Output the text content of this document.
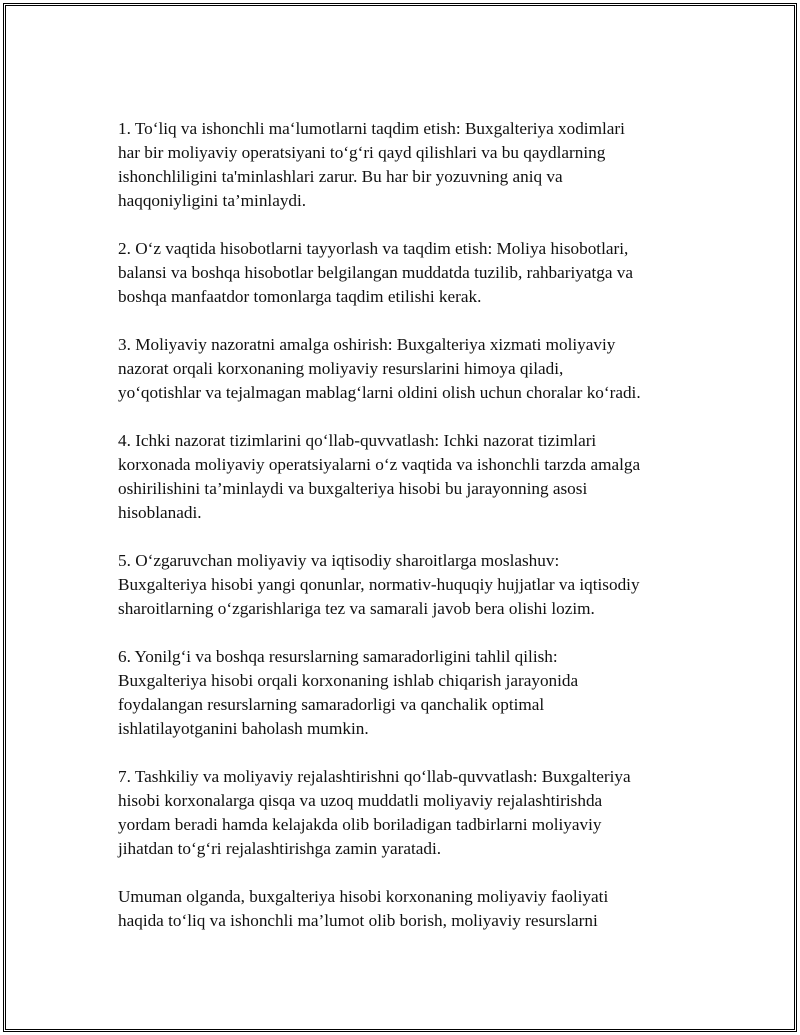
1. To‘liq va ishonchli ma‘lumotlarni taqdim etish: Buxgalteriya xodimlari
har bir moliyaviy operatsiyani to‘g‘ri qayd qilishlari va bu qaydlarning
ishonchliligini ta'minlashlari zarur. Bu har bir yozuvning aniq va
haqqoniyligini ta’minlaydi.
2. O‘z vaqtida hisobotlarni tayyorlash va taqdim etish: Moliya hisobotlari,
balansi va boshqa hisobotlar belgilangan muddatda tuzilib, rahbariyatga va
boshqa manfaatdor tomonlarga taqdim etilishi kerak.
3. Moliyaviy nazoratni amalga oshirish: Buxgalteriya xizmati moliyaviy
nazorat orqali korxonaning moliyaviy resurslarini himoya qiladi,
yo‘qotishlar va tejalmagan mablag‘larni oldini olish uchun choralar ko‘radi.
4. Ichki nazorat tizimlarini qo‘llab-quvvatlash: Ichki nazorat tizimlari
korxonada moliyaviy operatsiyalarni o‘z vaqtida va ishonchli tarzda amalga
oshirilishini ta’minlaydi va buxgalteriya hisobi bu jarayonning asosi
hisoblanadi.
5. O‘zgaruvchan moliyaviy va iqtisodiy sharoitlarga moslashuv:
Buxgalteriya hisobi yangi qonunlar, normativ-huquqiy hujjatlar va iqtisodiy
sharoitlarning o‘zgarishlariga tez va samarali javob bera olishi lozim.
6. Yonilg‘i va boshqa resurslarning samaradorligini tahlil qilish:
Buxgalteriya hisobi orqali korxonaning ishlab chiqarish jarayonida
foydalangan resurslarning samaradorligi va qanchalik optimal
ishlatilayotganini baholash mumkin.
7. Tashkiliy va moliyaviy rejalashtirishni qo‘llab-quvvatlash: Buxgalteriya
hisobi korxonalarga qisqa va uzoq muddatli moliyaviy rejalashtirishda
yordam beradi hamda kelajakda olib boriladigan tadbirlarni moliyaviy
jihatdan to‘g‘ri rejalashtirishga zamin yaratadi.
Umuman olganda, buxgalteriya hisobi korxonaning moliyaviy faoliyati
haqida to‘liq va ishonchli ma’lumot olib borish, moliyaviy resurslarni
